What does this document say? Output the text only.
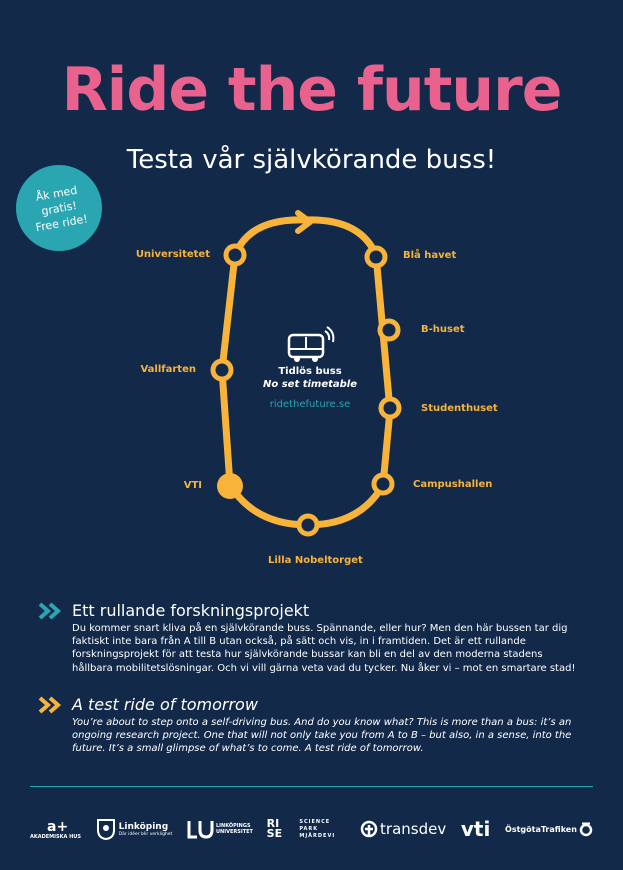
Ride the future
Testa vår självkörande buss!
Åk med
gratis!
Free ride!
Universitetet	Blå havet
B-huset
Studenthuset
Campushallen
Lilla Nobeltorget
VTI
Vallfarten	Tidlös buss
No set timetable
ridethefuture.se
Ett rullande forskningsprojekt
Du kommer snart kliva på en självkörande buss. Spännande, eller hur? Men den här bussen tar dig faktiskt inte bara från A till B utan också, på sätt och vis, in i framtiden. Det är ett rullande forskningsprojekt för att testa hur självkörande bussar kan bli en del av den moderna stadens hållbara mobilitetslösningar. Och vi vill gärna veta vad du tycker. Nu åker vi – mot en smartare stad!
A test ride of tomorrow
You’re about to step onto a self-driving bus. And do you know what? This is more than a bus: it’s an ongoing research project. One that will not only take you from A to B – but also, in a sense, into the future. It’s a small glimpse of what’s to come. A test ride of tomorrow.
a+
AKADEMISKA HUS
Linköping
Där idéer blir verklighet
LINKÖPINGS UNIVERSITET
RI SE
SCIENCE PARK MJÄRDEVI	transdev vti ÖstgötaTrafiken
